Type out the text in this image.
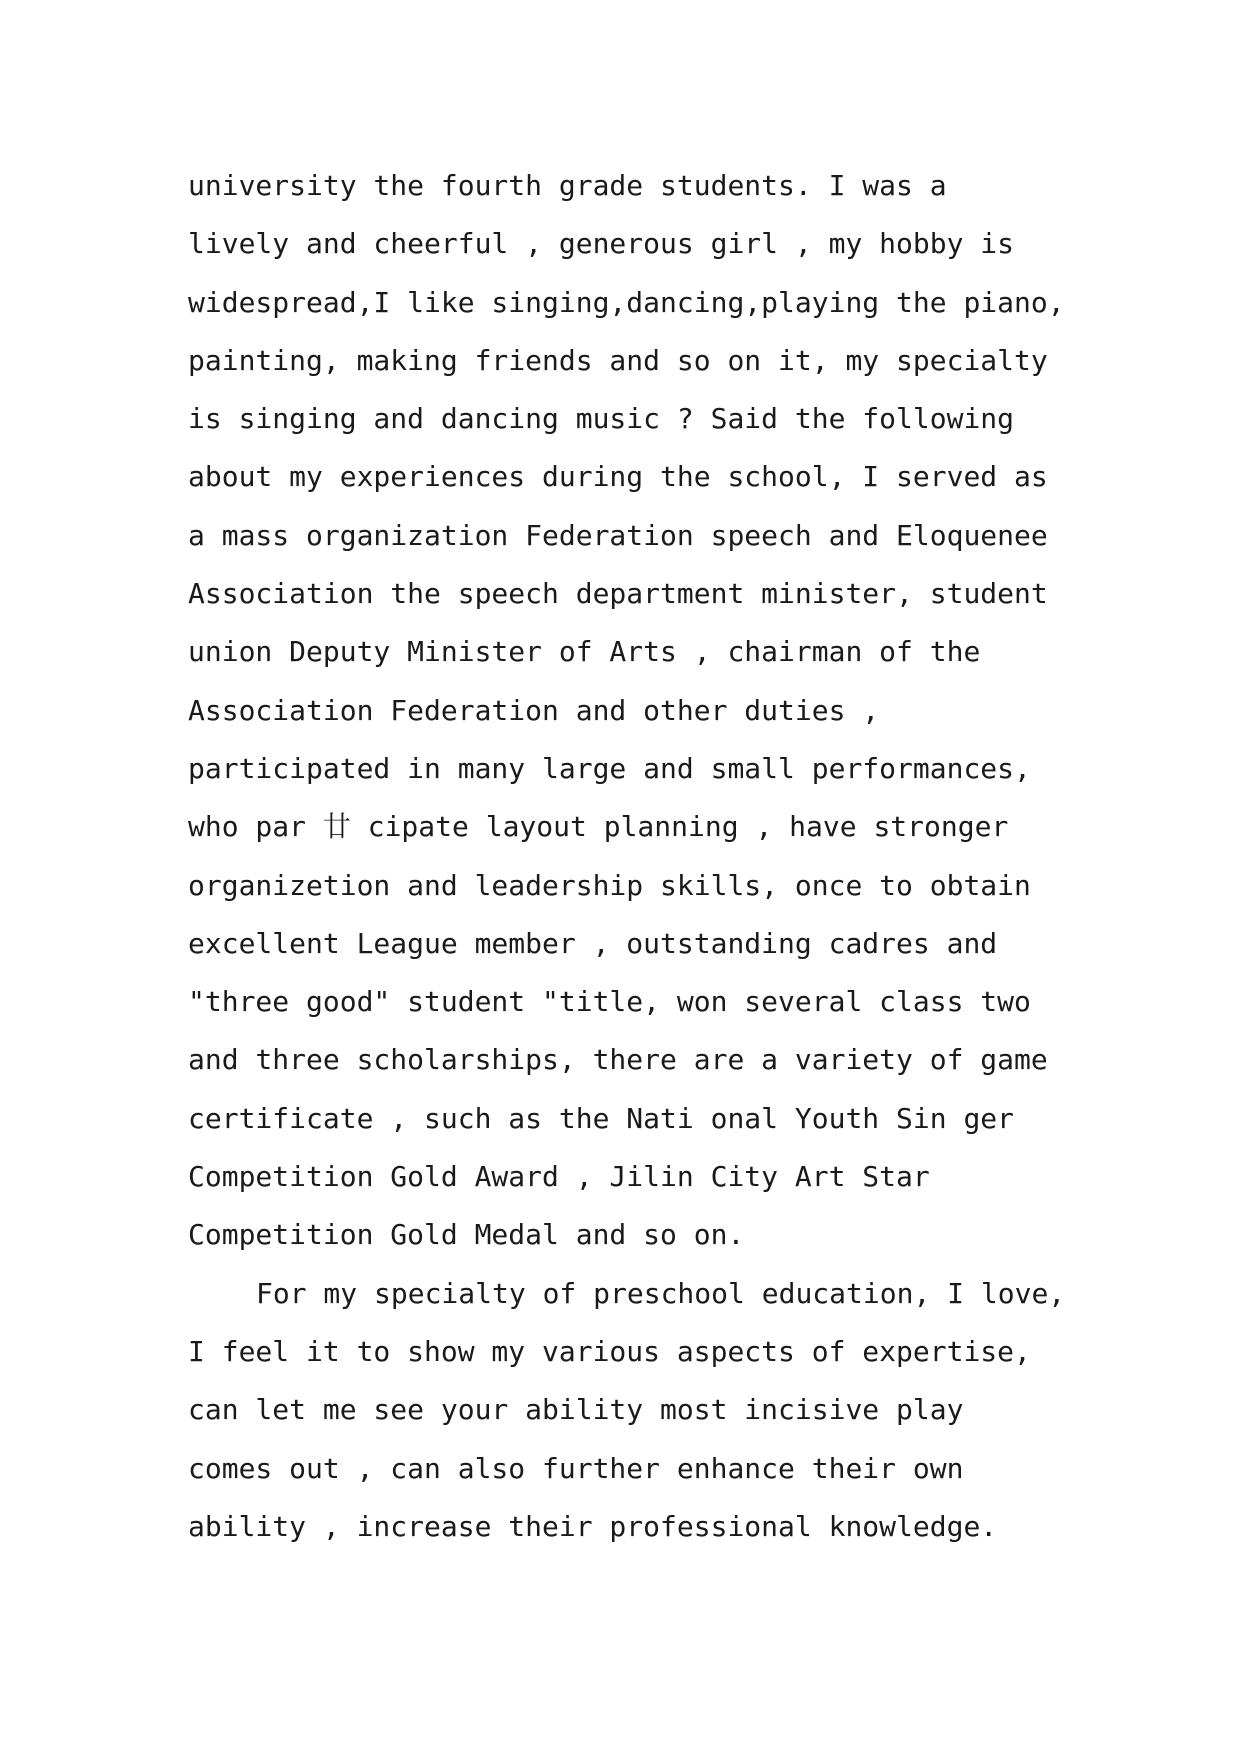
university the fourth grade students. I was a
lively and cheerful , generous girl , my hobby is
widespread,I like singing,dancing,playing the piano,
painting, making friends and so on it, my specialty
is singing and dancing music ? Said the following
about my experiences during the school, I served as
a mass organization Federation speech and Eloquenee
Association the speech department minister, student
union Deputy Minister of Arts , chairman of the
Association Federation and other duties ,
participated in many large and small performances,
who par 廿 cipate layout planning , have stronger
organizetion and leadership skills, once to obtain
excellent League member , outstanding cadres and
"three good" student "title, won several class two
and three scholarships, there are a variety of game
certificate , such as the Nati onal Youth Sin ger
Competition Gold Award , Jilin City Art Star
Competition Gold Medal and so on.
For my specialty of preschool education, I love,
I feel it to show my various aspects of expertise,
can let me see your ability most incisive play
comes out , can also further enhance their own
ability , increase their professional knowledge.
